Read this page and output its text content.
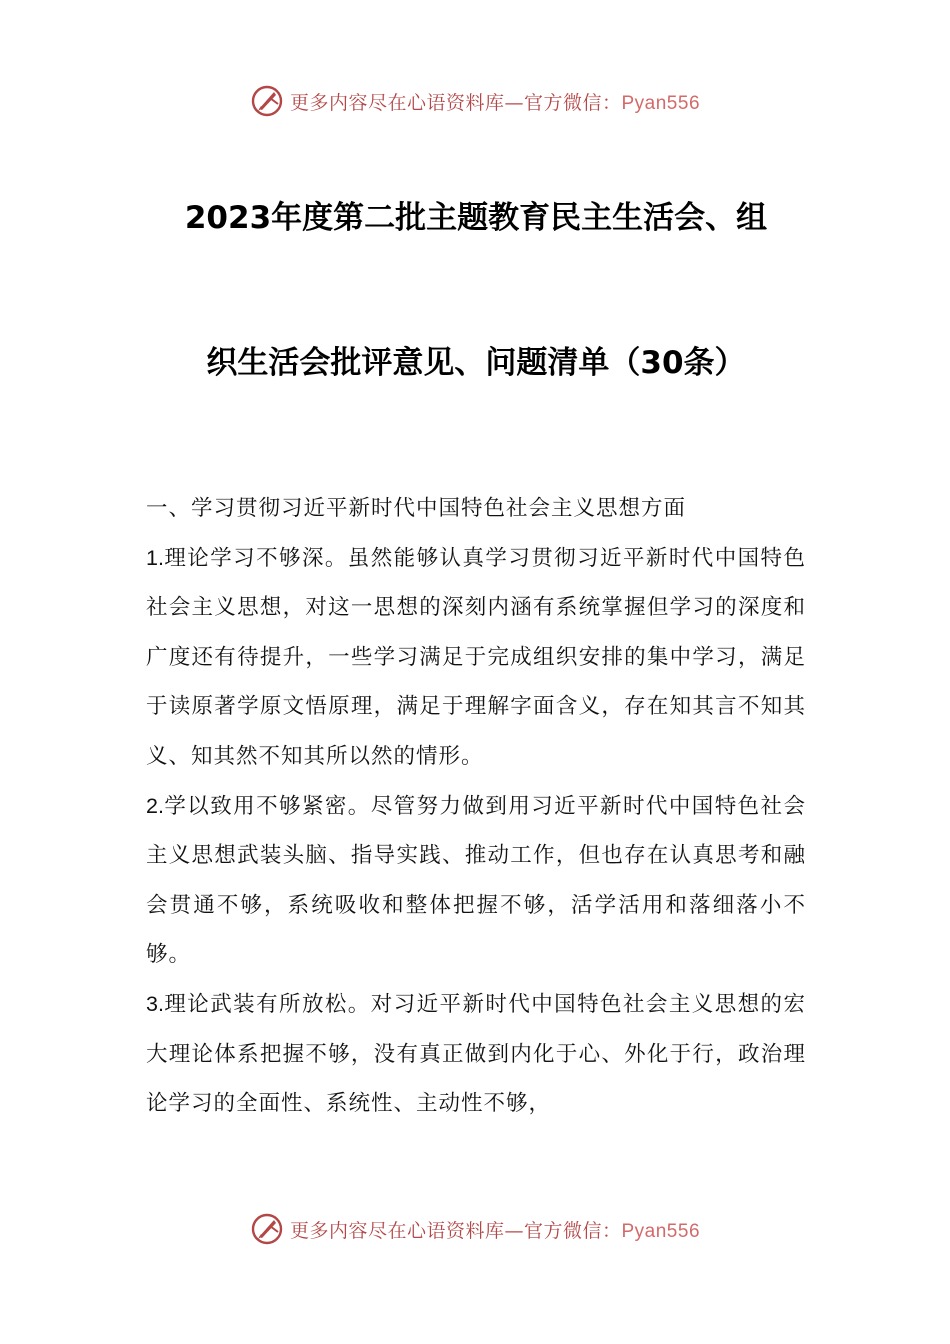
更多内容尽在心语资料库—官方微信：Pyan556
2023年度第二批主题教育民主生活会、组
织生活会批评意见、问题清单（30条）

一、学习贯彻习近平新时代中国特色社会主义思想方面

1.理论学习不够深。虽然能够认真学习贯彻习近平新时代中国特色社会主义思想，对这一思想的深刻内涵有系统掌握但学习的深度和广度还有待提升，一些学习满足于完成组织安排的集中学习，满足于读原著学原文悟原理，满足于理解字面含义，存在知其言不知其义、知其然不知其所以然的情形。

2.学以致用不够紧密。尽管努力做到用习近平新时代中国特色社会主义思想武装头脑、指导实践、推动工作，但也存在认真思考和融会贯通不够，系统吸收和整体把握不够，活学活用和落细落小不够。

3.理论武装有所放松。对习近平新时代中国特色社会主义思想的宏大理论体系把握不够，没有真正做到内化于心、外化于行，政治理论学习的全面性、系统性、主动性不够，

更多内容尽在心语资料库—官方微信：Pyan556
